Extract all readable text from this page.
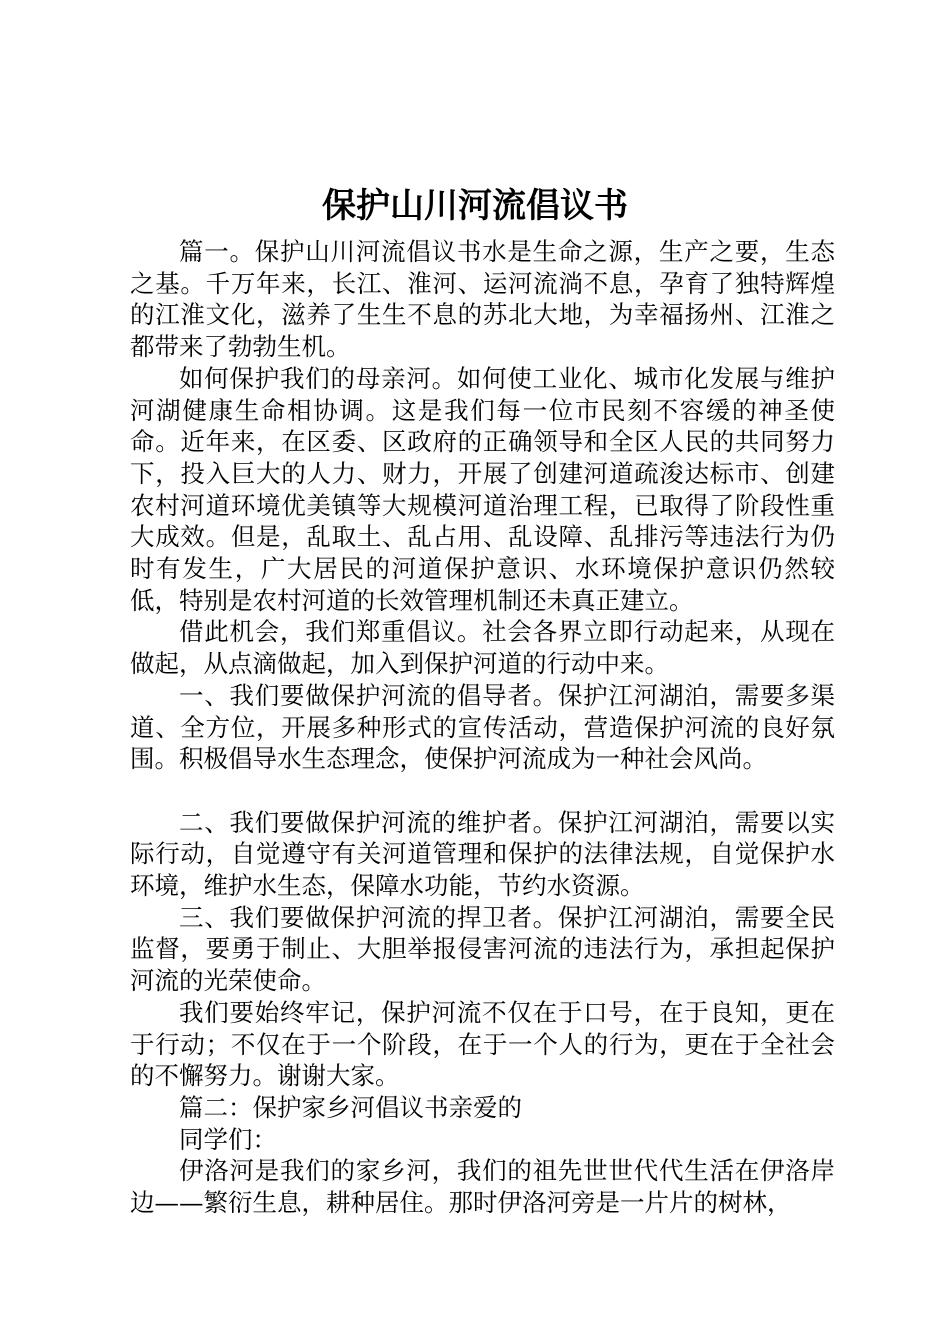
保护山川河流倡议书

篇一。保护山川河流倡议书水是生命之源，生产之要，生态之基。千万年来，长江、淮河、运河流淌不息，孕育了独特辉煌的江淮文化，滋养了生生不息的苏北大地，为幸福扬州、江淮之都带来了勃勃生机。

如何保护我们的母亲河。如何使工业化、城市化发展与维护河湖健康生命相协调。这是我们每一位市民刻不容缓的神圣使命。近年来，在区委、区政府的正确领导和全区人民的共同努力下，投入巨大的人力、财力，开展了创建河道疏浚达标市、创建农村河道环境优美镇等大规模河道治理工程，已取得了阶段性重大成效。但是，乱取土、乱占用、乱设障、乱排污等违法行为仍时有发生，广大居民的河道保护意识、水环境保护意识仍然较低，特别是农村河道的长效管理机制还未真正建立。

借此机会，我们郑重倡议。社会各界立即行动起来，从现在做起，从点滴做起，加入到保护河道的行动中来。

一、我们要做保护河流的倡导者。保护江河湖泊，需要多渠道、全方位，开展多种形式的宣传活动，营造保护河流的良好氛围。积极倡导水生态理念，使保护河流成为一种社会风尚。

二、我们要做保护河流的维护者。保护江河湖泊，需要以实际行动，自觉遵守有关河道管理和保护的法律法规，自觉保护水环境，维护水生态，保障水功能，节约水资源。

三、我们要做保护河流的捍卫者。保护江河湖泊，需要全民监督，要勇于制止、大胆举报侵害河流的违法行为，承担起保护河流的光荣使命。

我们要始终牢记，保护河流不仅在于口号，在于良知，更在于行动；不仅在于一个阶段，在于一个人的行为，更在于全社会的不懈努力。谢谢大家。

篇二：保护家乡河倡议书亲爱的

同学们：

伊洛河是我们的家乡河，我们的祖先世世代代生活在伊洛岸边——繁衍生息，耕种居住。那时伊洛河旁是一片片的树林，
